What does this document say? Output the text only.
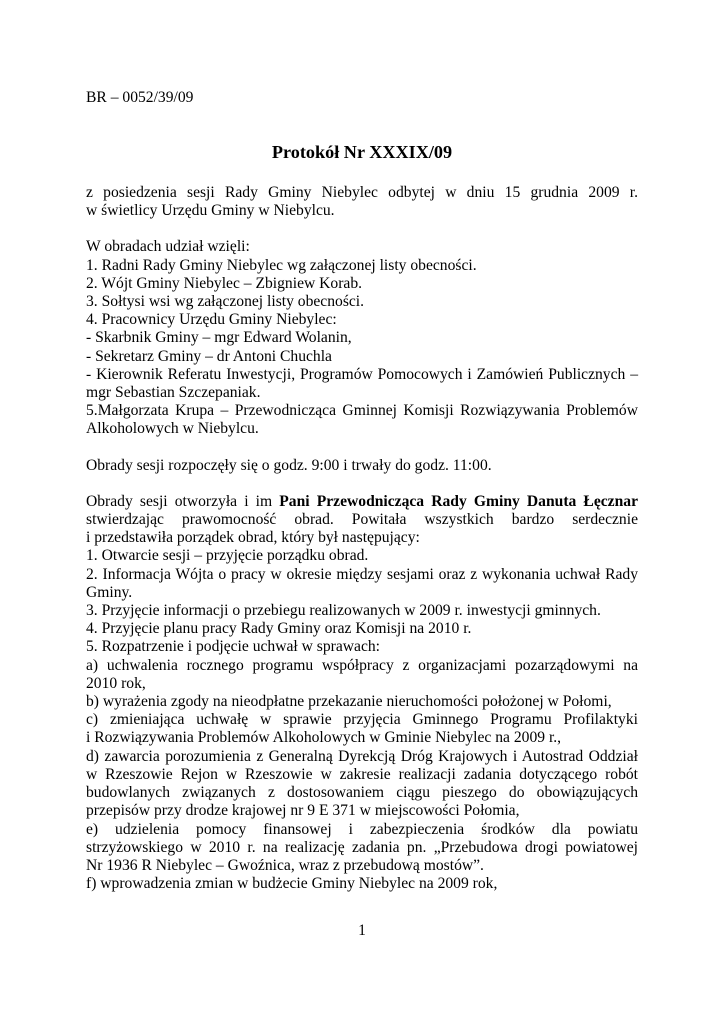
BR – 0052/39/09

Protokół Nr XXXIX/09
z posiedzenia sesji Rady Gminy Niebylec odbytej w dniu 15 grudnia 2009 r.
w świetlicy Urzędu Gminy w Niebylcu.
W obradach udział wzięli:
1. Radni Rady Gminy Niebylec wg załączonej listy obecności.
2. Wójt Gminy Niebylec – Zbigniew Korab.
3. Sołtysi wsi wg załączonej listy obecności.
4. Pracownicy Urzędu Gminy Niebylec:
- Skarbnik Gminy – mgr Edward Wolanin,
- Sekretarz Gminy – dr Antoni Chuchla
- Kierownik Referatu Inwestycji, Programów Pomocowych i Zamówień Publicznych –
mgr Sebastian Szczepaniak.
5.Małgorzata Krupa – Przewodnicząca Gminnej Komisji Rozwiązywania Problemów
Alkoholowych w Niebylcu.
Obrady sesji rozpoczęły się o godz. 9:00 i trwały do godz. 11:00.
Obrady sesji otworzyła i im Pani Przewodnicząca Rady Gminy Danuta Łęcznar
stwierdzając prawomocność obrad. Powitała wszystkich bardzo serdecznie
i przedstawiła porządek obrad, który był następujący:
1. Otwarcie sesji – przyjęcie porządku obrad.
2. Informacja Wójta o pracy w okresie między sesjami oraz z wykonania uchwał Rady
Gminy.
3. Przyjęcie informacji o przebiegu realizowanych w 2009 r. inwestycji gminnych.
4. Przyjęcie planu pracy Rady Gminy oraz Komisji na 2010 r.
5. Rozpatrzenie i podjęcie uchwał w sprawach:
a) uchwalenia rocznego programu współpracy z organizacjami pozarządowymi na
2010 rok,
b) wyrażenia zgody na nieodpłatne przekazanie nieruchomości położonej w Połomi,
c) zmieniająca uchwałę w sprawie przyjęcia Gminnego Programu Profilaktyki
i Rozwiązywania Problemów Alkoholowych w Gminie Niebylec na 2009 r.,
d) zawarcia porozumienia z Generalną Dyrekcją Dróg Krajowych i Autostrad Oddział
w Rzeszowie Rejon w Rzeszowie w zakresie realizacji zadania dotyczącego robót
budowlanych związanych z dostosowaniem ciągu pieszego do obowiązujących
przepisów przy drodze krajowej nr 9 E 371 w miejscowości Połomia,
e) udzielenia pomocy finansowej i zabezpieczenia środków dla powiatu
strzyżowskiego w 2010 r. na realizację zadania pn. „Przebudowa drogi powiatowej
Nr 1936 R Niebylec – Gwoźnica, wraz z przebudową mostów”.
f) wprowadzenia zmian w budżecie Gminy Niebylec na 2009 rok,

1
